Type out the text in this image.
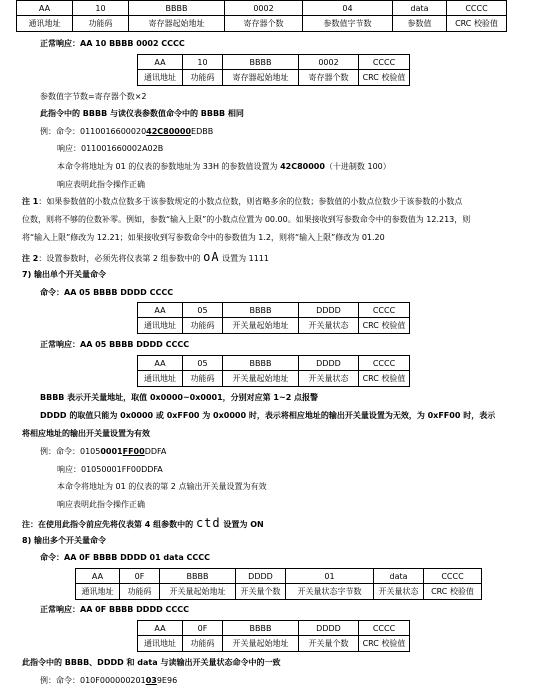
AA	10	BBBB	0002	04	data	CCCC
通讯地址	功能码	寄存器起始地址	寄存器个数	参数值字节数	参数值	CRC 校验值
正常响应：AA 10 BBBB 0002 CCCC
AA	10	BBBB	0002	CCCC
通讯地址	功能码	寄存器起始地址	寄存器个数	CRC 校验值
参数值字节数=寄存器个数×2
此指令中的 BBBB 与读仪表参数值命令中的 BBBB 相同
例：命令：011001660002042C80000EDBB
响应：011001660002A02B
本命令将地址为 01 的仪表的参数地址为 33H 的参数值设置为 42C80000（十进制数 100）
响应表明此指令操作正确
注 1：如果参数值的小数点位数多于该参数规定的小数点位数，则省略多余的位数；参数值的小数点位数少于该参数的小数点
位数，则将不够的位数补零。例如，参数“输入上限”的小数点位置为 00.00。如果接收到写参数命令中的参数值为 12.213，则
将“输入上限”修改为 12.21；如果接收到写参数命令中的参数值为 1.2，则将“输入上限”修改为 01.20
注 2：设置参数时，必须先将仪表第 2 组参数中的 oA 设置为 1111
7) 输出单个开关量命令
命令：AA 05 BBBB DDDD CCCC
AA	05	BBBB	DDDD	CCCC
通讯地址	功能码	开关量起始地址	开关量状态	CRC 校验值
正常响应：AA 05 BBBB DDDD CCCC
AA	05	BBBB	DDDD	CCCC
通讯地址	功能码	开关量起始地址	开关量状态	CRC 校验值
BBBB 表示开关量地址，取值 0x0000~0x0001，分别对应第 1~2 点报警
DDDD 的取值只能为 0x0000 或 0xFF00 为 0x0000 时，表示将相应地址的输出开关量设置为无效，为 0xFF00 时，表示
将相应地址的输出开关量设置为有效
例：命令：01050001FF00DDFA
响应：01050001FF00DDFA
本命令将地址为 01 的仪表的第 2 点输出开关量设置为有效
响应表明此指令操作正确
注：在使用此指令前应先将仪表第 4 组参数中的 ctd 设置为 ON
8) 输出多个开关量命令
命令：AA 0F BBBB DDDD 01 data CCCC
AA	0F	BBBB	DDDD	01	data	CCCC
通讯地址	功能码	开关量起始地址	开关量个数	开关量状态字节数	开关量状态	CRC 校验值
正常响应：AA 0F BBBB DDDD CCCC
AA	0F	BBBB	DDDD	CCCC
通讯地址	功能码	开关量起始地址	开关量个数	CRC 校验值
此指令中的 BBBB、DDDD 和 data 与读输出开关量状态命令中的一致
例：命令：010F000000201039E96
